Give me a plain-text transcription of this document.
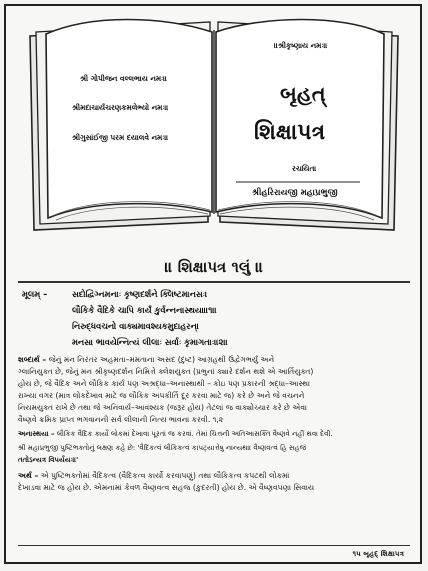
॥શ્રીકૃષ્ણાય નમઃ॥
શ્રી ગોપીજન વલ્લભાય નમઃ॥
શ્રીમદાચાર્યચરણકમલેભ્યો નમઃ॥
શ્રીગુસાંઈજી પરમ દયાલવે નમઃ॥
બૃહત્
શિક્ષાપત્ર
રચયિતા
શ્રીહરિરાયજી મહાપ્રભુજી
॥ શિક્ષાપત્ર ૧લું ॥
મૂલમ્ –	સદોદ્વિગ્નમનાઃ કૃષ્ણદર્શને ક્લિષ્ટમાનસઃ।
લૌકિકે વૈદિકે ચાપિ કાર્યં કુર્વન્નનાસ્થયા॥૧॥
નિરુદ્ધવચનો વાક્યમાવશ્યકમુદાહરન્।
મનસા ભાવયેન્નિત્યં લીલાઃ સર્વાઃ કૃમાગતાઃ॥૨॥
શબ્દાર્થ – જેનું મન નિરંતર અહમતા–મમતાના અસદ (દુષ્ટ) આગ્રહથી ઉદ્વેગભર્યું અને
ગ્લાનિયુક્ત છે, જેનું મન શ્રીકૃષ્ણદર્શન નિમિત્તે ક્લેશયુક્ત (પ્રભુનાં ક્યારે દર્શન થશે એ આર્તિયુક્ત)
હોય છે, જે વૈદિક અને લૌકિક કાર્ય પણ અશ્રદ્ધા–અનાસ્થાથી – કોઇ પણ પ્રકારની શ્રદ્ધા–આસ્થા
રાખ્યા વગર (માત્ર લોકદેખાવ માટે જ લૌકિક અપકીર્તિ દૂર કરવા માટે જ) કરે છે અને જે વચનને
નિયમયુક્ત રાખે છે તથા જે અનિવાર્ય–આવશ્યક (જરૂર હોય) તેટલાં જ વાક્યોચ્ચાર કરે છે એવા
વૈષ્ણવે ક્રમિક પ્રાપ્ત ભગવાનની સર્વ લીલાની નિત્ય ભાવના કરવી. ૧,૨
અનાસ્થયા – લૌકિક વૈદિક કાર્યો લોકમાં દેખાવા પૂરતાં જ કરવાં. તેમાં ચિત્તની અતિઆસક્તિ વૈષ્ણવે નહીં થવા દેવી.
શ્રી મહાપ્રભુજી પુષ્ટિભક્તોનું લક્ષણ કહે છે: 'વૈદિકત્વં લૌકિકત્વં કાપટ્યાત્તેષુ નાન્યથા। વૈષ્ણવત્વં હિ સહજં
તતોઽન્યત્ર વિપર્યયઃ॥'
અર્થ – એ પુષ્ટિભક્તોમાં વૈદિકત્વ (વૈદિકત્વ કાર્યો કરવાપણું) તથા લૌકિકત્વ કપટથી લોકમાં
દેખાડવા માટે જ હોય છે. એમનામાં કેવળ વૈષ્ણવત્વ સહજ (કુદરતી) હોય છે. એ વૈષ્ણવપણા સિવાય
૧૫ બૃહદ્ શિક્ષાપત્ર
